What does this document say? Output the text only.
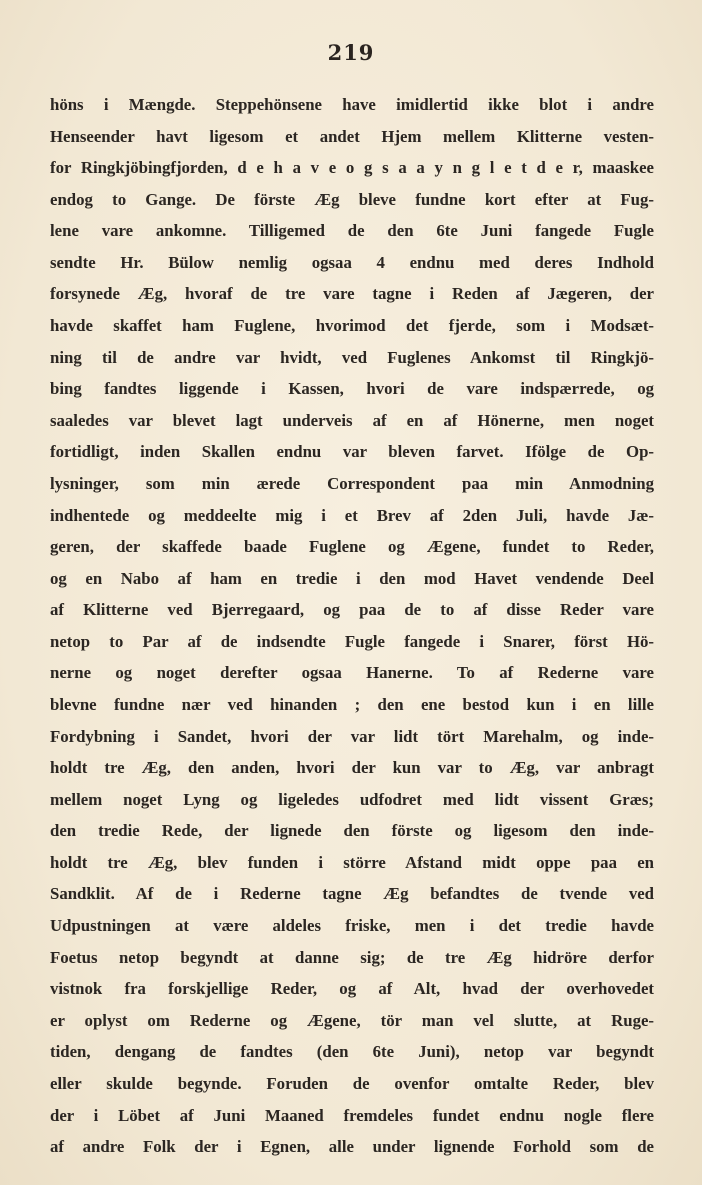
219
höns i Mængde. Steppehönsene have imidlertid ikke blot i andre
Henseender havt ligesom et andet Hjem mellem Klitterne vesten-
for Ringkjöbingfjorden, d e h a v e o g s a a y n g l e t d e r, maaskee
endog to Gange. De förste Æg bleve fundne kort efter at Fug-
lene vare ankomne. Tilligemed de den 6te Juni fangede Fugle
sendte Hr. Bülow nemlig ogsaa 4 endnu med deres Indhold
forsynede Æg, hvoraf de tre vare tagne i Reden af Jægeren, der
havde skaffet ham Fuglene, hvorimod det fjerde, som i Modsæt-
ning til de andre var hvidt, ved Fuglenes Ankomst til Ringkjö-
bing fandtes liggende i Kassen, hvori de vare indspærrede, og
saaledes var blevet lagt underveis af en af Hönerne, men noget
fortidligt, inden Skallen endnu var bleven farvet. Ifölge de Op-
lysninger, som min ærede Correspondent paa min Anmodning
indhentede og meddeelte mig i et Brev af 2den Juli, havde Jæ-
geren, der skaffede baade Fuglene og Ægene, fundet to Reder,
og en Nabo af ham en tredie i den mod Havet vendende Deel
af Klitterne ved Bjerregaard, og paa de to af disse Reder vare
netop to Par af de indsendte Fugle fangede i Snarer, först Hö-
nerne og noget derefter ogsaa Hanerne. To af Rederne vare
blevne fundne nær ved hinanden ; den ene bestod kun i en lille
Fordybning i Sandet, hvori der var lidt tört Marehalm, og inde-
holdt tre Æg, den anden, hvori der kun var to Æg, var anbragt
mellem noget Lyng og ligeledes udfodret med lidt vissent Græs;
den tredie Rede, der lignede den förste og ligesom den inde-
holdt tre Æg, blev funden i större Afstand midt oppe paa en
Sandklit. Af de i Rederne tagne Æg befandtes de tvende ved
Udpustningen at være aldeles friske, men i det tredie havde
Foetus netop begyndt at danne sig; de tre Æg hidröre derfor
vistnok fra forskjellige Reder, og af Alt, hvad der overhovedet
er oplyst om Rederne og Ægene, tör man vel slutte, at Ruge-
tiden, dengang de fandtes (den 6te Juni), netop var begyndt
eller skulde begynde. Foruden de ovenfor omtalte Reder, blev
der i Löbet af Juni Maaned fremdeles fundet endnu nogle flere
af andre Folk der i Egnen, alle under lignende Forhold som de
